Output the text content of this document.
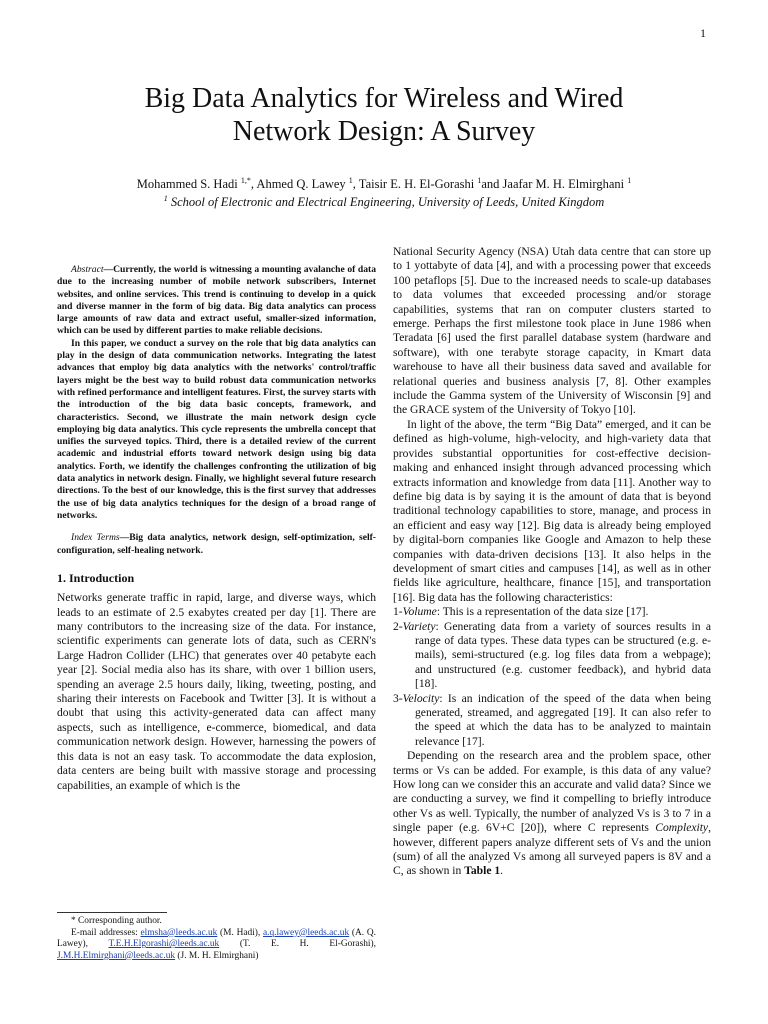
1
Big Data Analytics for Wireless and Wired
Network Design: A Survey
Mohammed S. Hadi $^{1,*}$, Ahmed Q. Lawey $^1$, Taisir E. H. El-Gorashi $^1$and Jaafar M. H. Elmirghani $^1$
$^1$ School of Electronic and Electrical Engineering, University of Leeds, United Kingdom

Abstract—Currently, the world is witnessing a mounting avalanche of data due to the increasing number of mobile network subscribers, Internet websites, and online services. This trend is continuing to develop in a quick and diverse manner in the form of big data. Big data analytics can process large amounts of raw data and extract useful, smaller-sized information, which can be used by different parties to make reliable decisions.

In this paper, we conduct a survey on the role that big data analytics can play in the design of data communication networks. Integrating the latest advances that employ big data analytics with the networks' control/traffic layers might be the best way to build robust data communication networks with refined performance and intelligent features. First, the survey starts with the introduction of the big data basic concepts, framework, and characteristics. Second, we illustrate the main network design cycle employing big data analytics. This cycle represents the umbrella concept that unifies the surveyed topics. Third, there is a detailed review of the current academic and industrial efforts toward network design using big data analytics. Forth, we identify the challenges confronting the utilization of big data analytics in network design. Finally, we highlight several future research directions. To the best of our knowledge, this is the first survey that addresses the use of big data analytics techniques for the design of a broad range of networks.

Index Terms—Big data analytics, network design, self-optimization, self-configuration, self-healing network.

1. Introduction

Networks generate traffic in rapid, large, and diverse ways, which leads to an estimate of 2.5 exabytes created per day [1]. There are many contributors to the increasing size of the data. For instance, scientific experiments can generate lots of data, such as CERN's Large Hadron Collider (LHC) that generates over 40 petabyte each year [2]. Social media also has its share, with over 1 billion users, spending an average 2.5 hours daily, liking, tweeting, posting, and sharing their interests on Facebook and Twitter [3]. It is without a doubt that using this activity-generated data can affect many aspects, such as intelligence, e-commerce, biomedical, and data communication network design. However, harnessing the powers of this data is not an easy task. To accommodate the data explosion, data centers are being built with massive storage and processing capabilities, an example of which is the

* Corresponding author.
E-mail addresses: elmsha@leeds.ac.uk (M. Hadi), a.q.lawey@leeds.ac.uk (A. Q. Lawey), T.E.H.Elgorashi@leeds.ac.uk (T. E. H. El-Gorashi), J.M.H.Elmirghani@leeds.ac.uk (J. M. H. Elmirghani)

National Security Agency (NSA) Utah data centre that can store up to 1 yottabyte of data [4], and with a processing power that exceeds 100 petaflops [5]. Due to the increased needs to scale-up databases to data volumes that exceeded processing and/or storage capabilities, systems that ran on computer clusters started to emerge. Perhaps the first milestone took place in June 1986 when Teradata [6] used the first parallel database system (hardware and software), with one terabyte storage capacity, in Kmart data warehouse to have all their business data saved and available for relational queries and business analysis [7, 8]. Other examples include the Gamma system of the University of Wisconsin [9] and the GRACE system of the University of Tokyo [10].

In light of the above, the term “Big Data” emerged, and it can be defined as high-volume, high-velocity, and high-variety data that provides substantial opportunities for cost-effective decision-making and enhanced insight through advanced processing which extracts information and knowledge from data [11]. Another way to define big data is by saying it is the amount of data that is beyond traditional technology capabilities to store, manage, and process in an efficient and easy way [12]. Big data is already being employed by digital-born companies like Google and Amazon to help these companies with data-driven decisions [13]. It also helps in the development of smart cities and campuses [14], as well as in other fields like agriculture, healthcare, finance [15], and transportation [16]. Big data has the following characteristics:

1-Volume: This is a representation of the data size [17].

2-Variety: Generating data from a variety of sources results in a range of data types. These data types can be structured (e.g. e-mails), semi-structured (e.g. log files data from a webpage); and unstructured (e.g. customer feedback), and hybrid data [18].

3-Velocity: Is an indication of the speed of the data when being generated, streamed, and aggregated [19]. It can also refer to the speed at which the data has to be analyzed to maintain relevance [17].

Depending on the research area and the problem space, other terms or Vs can be added. For example, is this data of any value? How long can we consider this an accurate and valid data? Since we are conducting a survey, we find it compelling to briefly introduce other Vs as well. Typically, the number of analyzed Vs is 3 to 7 in a single paper (e.g. 6V+C [20]), where C represents Complexity, however, different papers analyze different sets of Vs and the union (sum) of all the analyzed Vs among all surveyed papers is 8V and a C, as shown in Table 1.
